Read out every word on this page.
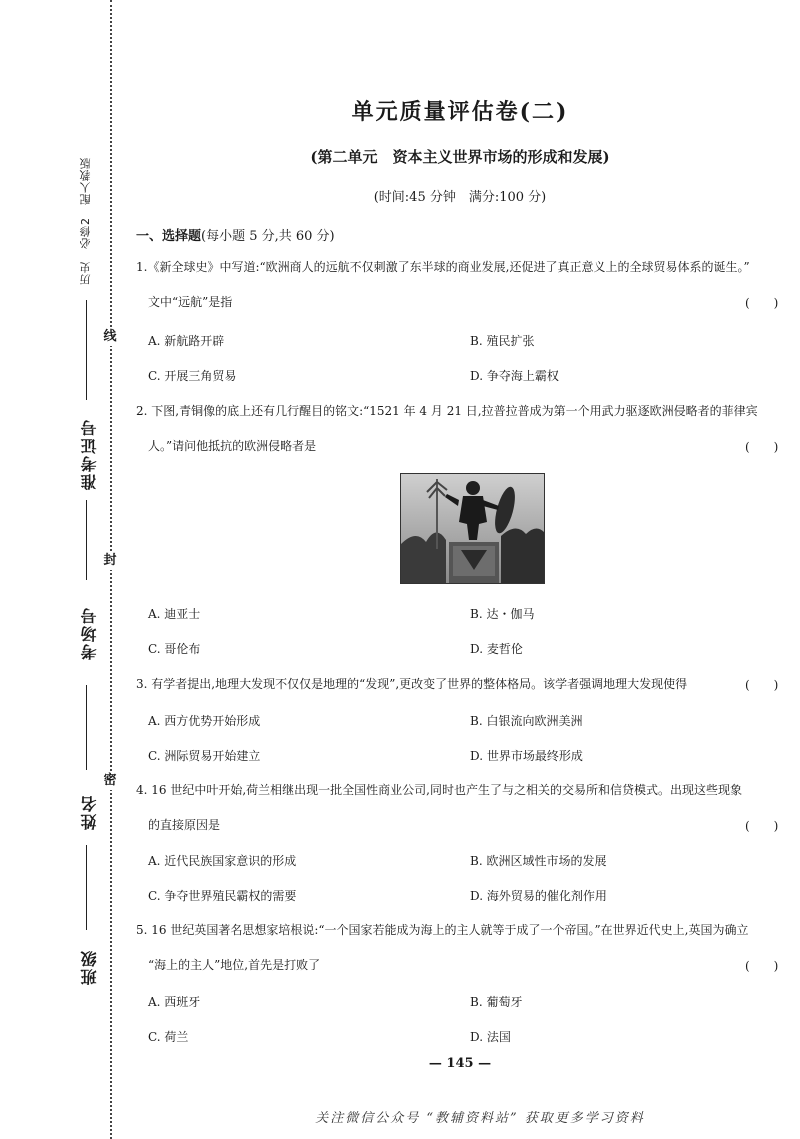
线
封
密
历史　必修2　配人教版
准考证号
考场号
姓名
班级
单元质量评估卷(二)
(第二单元　资本主义世界市场的形成和发展)
(时间:45 分钟　满分:100 分)
一、选择题(每小题 5 分,共 60 分)
1.《新全球史》中写道:“欧洲商人的远航不仅刺激了东半球的商业发展,还促进了真正意义上的全球贸易体系的诞生。”
文中“远航”是指	(　　)
A. 新航路开辟	B. 殖民扩张
C. 开展三角贸易	D. 争夺海上霸权
2. 下图,青铜像的底上还有几行醒目的铭文:“1521 年 4 月 21 日,拉普拉普成为第一个用武力驱逐欧洲侵略者的菲律宾
人。”请问他抵抗的欧洲侵略者是	(　　)
A. 迪亚士	B. 达・伽马
C. 哥伦布	D. 麦哲伦
3. 有学者提出,地理大发现不仅仅是地理的“发现”,更改变了世界的整体格局。该学者强调地理大发现使得	(　　)
A. 西方优势开始形成	B. 白银流向欧洲美洲
C. 洲际贸易开始建立	D. 世界市场最终形成
4. 16 世纪中叶开始,荷兰相继出现一批全国性商业公司,同时也产生了与之相关的交易所和信贷模式。出现这些现象
的直接原因是	(　　)
A. 近代民族国家意识的形成	B. 欧洲区域性市场的发展
C. 争夺世界殖民霸权的需要	D. 海外贸易的催化剂作用
5. 16 世纪英国著名思想家培根说:“一个国家若能成为海上的主人就等于成了一个帝国。”在世界近代史上,英国为确立
“海上的主人”地位,首先是打败了	(　　)
A. 西班牙	B. 葡萄牙
C. 荷兰	D. 法国
— 145 —
关注微信公众号 “教辅资料站” 获取更多学习资料
